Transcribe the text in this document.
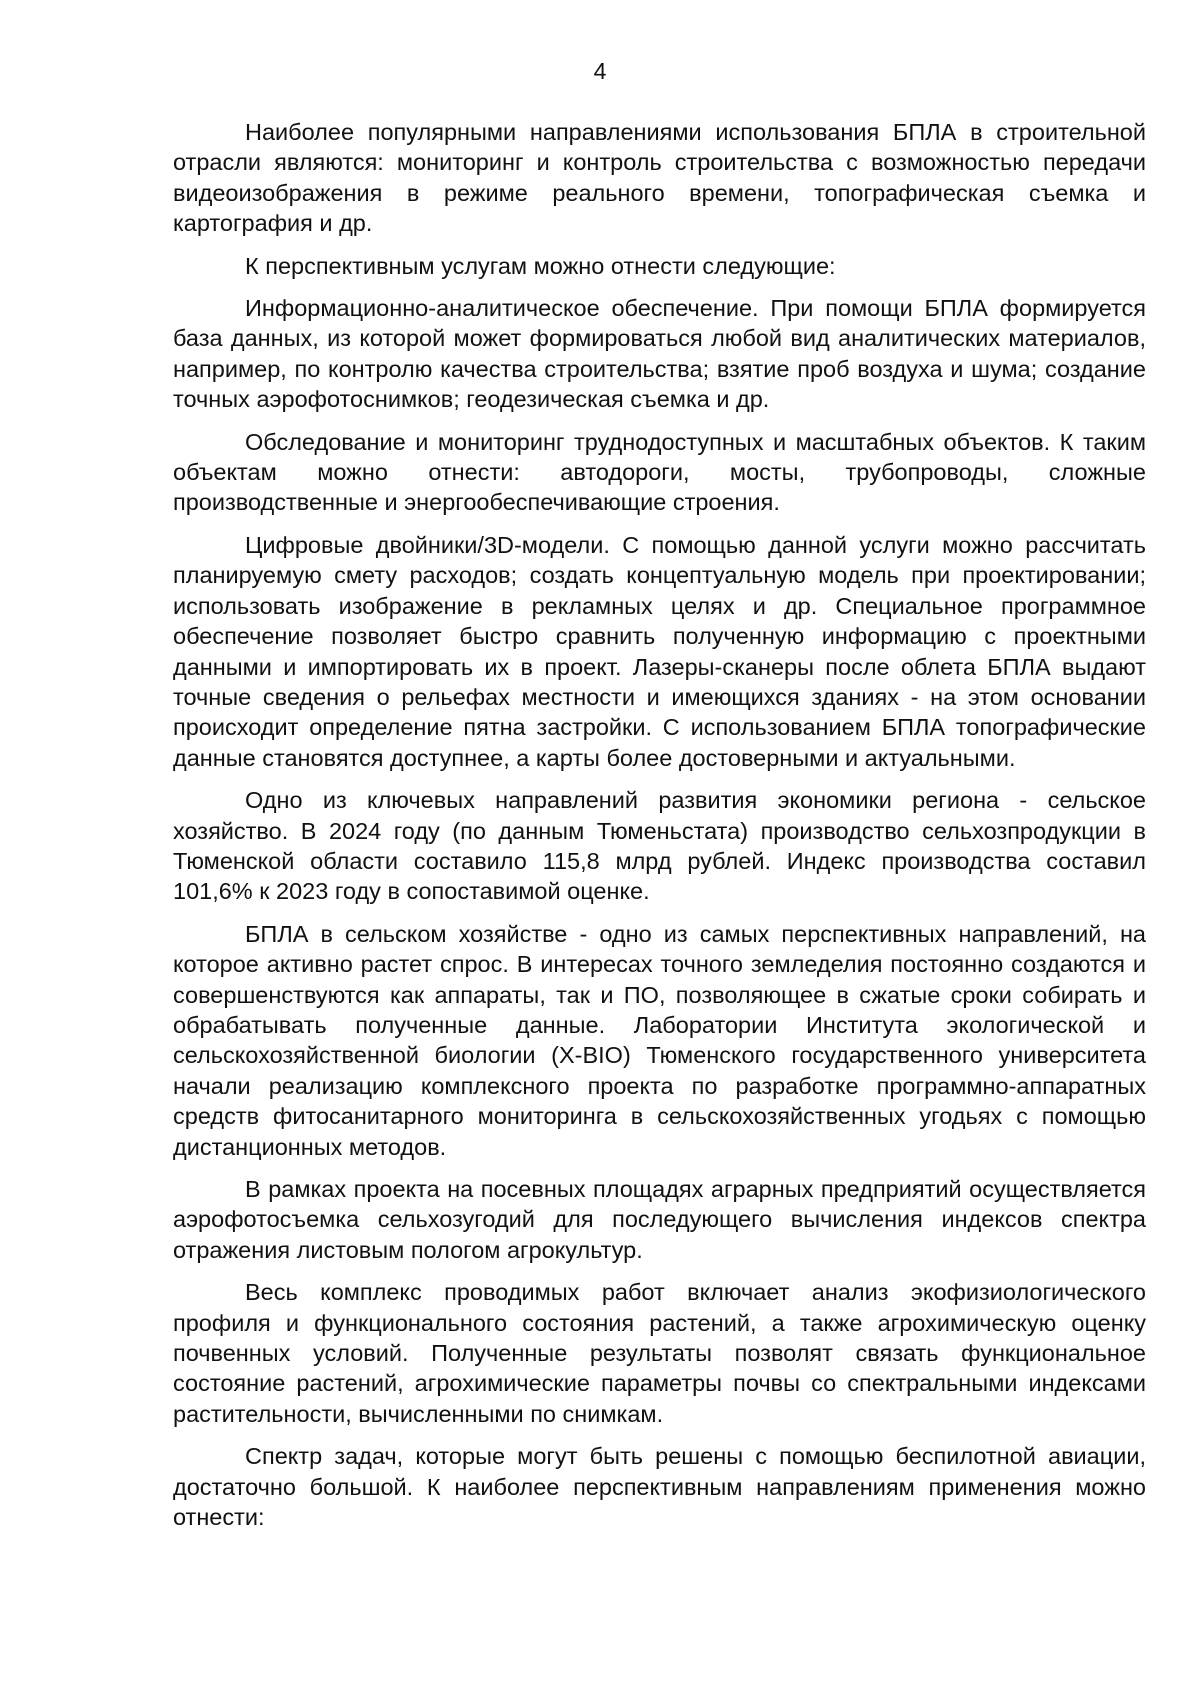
4

Наиболее популярными направлениями использования БПЛА в строительной отрасли являются: мониторинг и контроль строительства с возможностью передачи видеоизображения в режиме реального времени, топографическая съемка и картография и др.

К перспективным услугам можно отнести следующие:

Информационно-аналитическое обеспечение. При помощи БПЛА формируется база данных, из которой может формироваться любой вид аналитических материалов, например, по контролю качества строительства; взятие проб воздуха и шума; создание точных аэрофотоснимков; геодезическая съемка и др.

Обследование и мониторинг труднодоступных и масштабных объектов. К таким объектам можно отнести: автодороги, мосты, трубопроводы, сложные производственные и энергообеспечивающие строения.

Цифровые двойники/3D-модели. С помощью данной услуги можно рассчитать планируемую смету расходов; создать концептуальную модель при проектировании; использовать изображение в рекламных целях и др. Специальное программное обеспечение позволяет быстро сравнить полученную информацию с проектными данными и импортировать их в проект. Лазеры-сканеры после облета БПЛА выдают точные сведения о рельефах местности и имеющихся зданиях - на этом основании происходит определение пятна застройки. С использованием БПЛА топографические данные становятся доступнее, а карты более достоверными и актуальными.

Одно из ключевых направлений развития экономики региона - сельское хозяйство. В 2024 году (по данным Тюменьстата) производство сельхозпродукции в Тюменской области составило 115,8 млрд рублей. Индекс производства составил 101,6% к 2023 году в сопоставимой оценке.

БПЛА в сельском хозяйстве - одно из самых перспективных направлений, на которое активно растет спрос. В интересах точного земледелия постоянно создаются и совершенствуются как аппараты, так и ПО, позволяющее в сжатые сроки собирать и обрабатывать полученные данные. Лаборатории Института экологической и сельскохозяйственной биологии (X-BIO) Тюменского государственного университета начали реализацию комплексного проекта по разработке программно-аппаратных средств фитосанитарного мониторинга в сельскохозяйственных угодьях с помощью дистанционных методов.

В рамках проекта на посевных площадях аграрных предприятий осуществляется аэрофотосъемка сельхозугодий для последующего вычисления индексов спектра отражения листовым пологом агрокультур.

Весь комплекс проводимых работ включает анализ экофизиологического профиля и функционального состояния растений, а также агрохимическую оценку почвенных условий. Полученные результаты позволят связать функциональное состояние растений, агрохимические параметры почвы со спектральными индексами растительности, вычисленными по снимкам.

Спектр задач, которые могут быть решены с помощью беспилотной авиации, достаточно большой. К наиболее перспективным направлениям применения можно отнести:
